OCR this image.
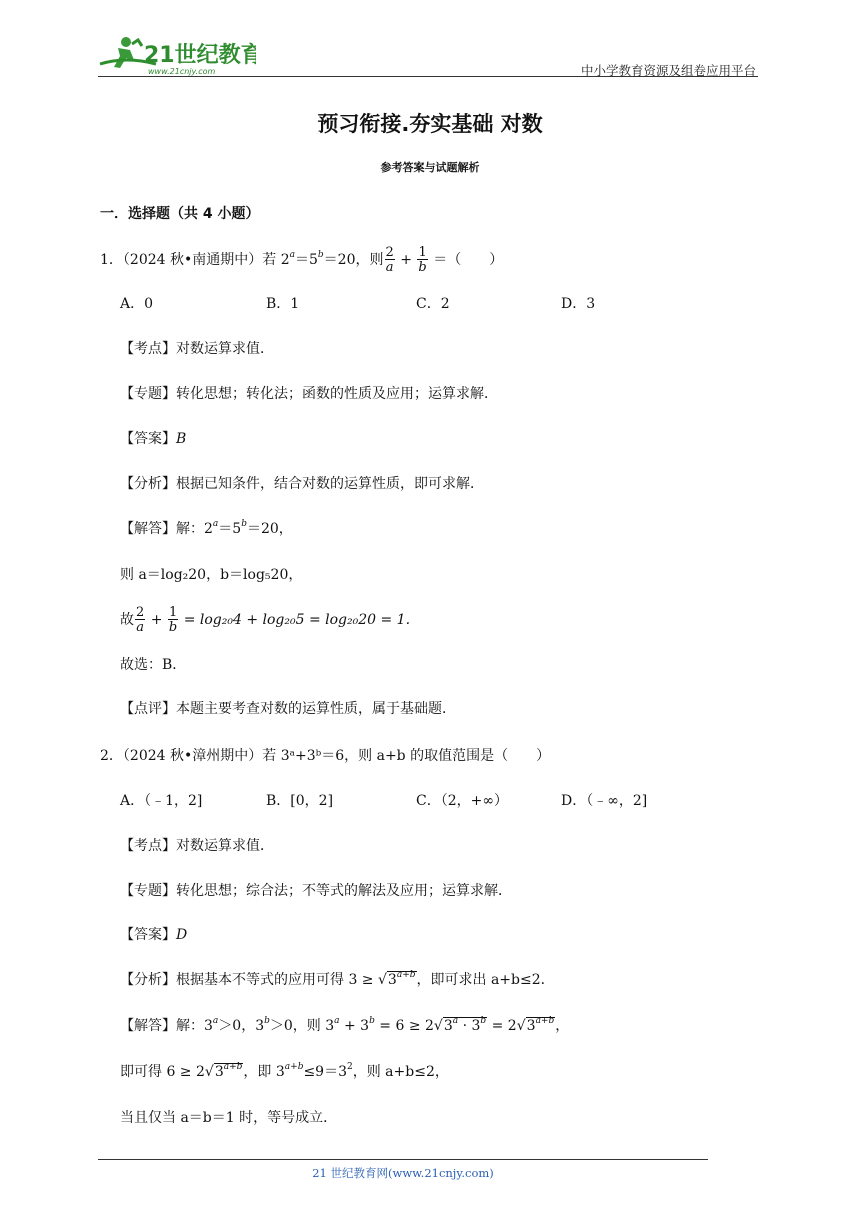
21世纪教育
www.21cnjy.com	中小学教育资源及组卷应用平台
预习衔接.夯实基础 对数
参考答案与试题解析
一．选择题（共 4 小题）
1．（2024 秋•南通期中）若 $2^a=5^b=20$，则 $\frac{2}{a} + \frac{1}{b}$ ＝（　　）
A．0	B．1	C．2	D．3
【考点】对数运算求值．
【专题】转化思想；转化法；函数的性质及应用；运算求解．
【答案】B
【分析】根据已知条件，结合对数的运算性质，即可求解．
【解答】解：$2^a=5^b=20$，
则 a＝log₂20，b＝log₅20，
故 $\frac{2}{a} + \frac{1}{b} = \log_{20}4 + \log_{20}5 = \log_{20}20 = 1$.
故选：B．
【点评】本题主要考查对数的运算性质，属于基础题．
2．（2024 秋•漳州期中）若 3ᵃ+3ᵇ＝6，则 a+b 的取值范围是（　　）
A．（﹣1，2]	B．[0，2]	C．（2，+∞）	D．（﹣∞，2]
【考点】对数运算求值．
【专题】转化思想；综合法；不等式的解法及应用；运算求解．
【答案】D
【分析】根据基本不等式的应用可得 $3 \ge √3^{a+b}$，即可求出 a+b≤2．
【解答】解：$3^a>0$，$3^b>0$，则 $3^a + 3^b = 6 \ge 2√3^a \cdot 3^b = 2√3^{a+b}$，
即可得 $6 \ge 2√3^{a+b}$，即 $3^{a+b}\le 9=3^2$，则 a+b≤2，
当且仅当 a＝b＝1 时，等号成立．
21 世纪教育网(www.21cnjy.com)
